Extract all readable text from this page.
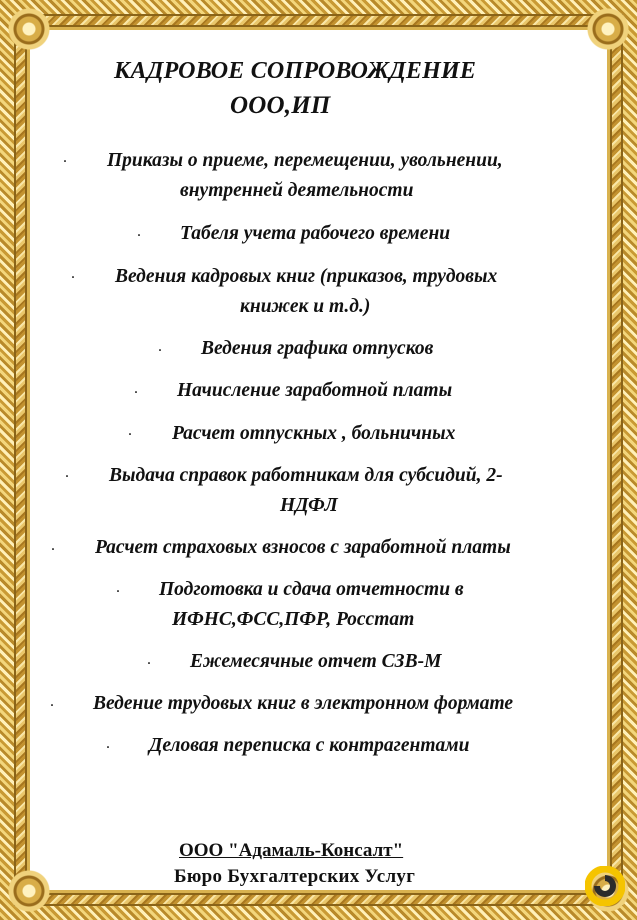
КАДРОВОЕ СОПРОВОЖДЕНИЕ
ООО,ИП
· Приказы о приеме, перемещении, увольнении,
внутренней деятельности
· Табеля учета рабочего времени
· Ведения кадровых книг (приказов, трудовых
книжек и т.д.)
· Ведения графика отпусков
· Начисление заработной платы
· Расчет отпускных , больничных
· Выдача справок работникам для субсидий, 2-
НДФЛ
· Расчет страховых взносов с заработной платы
· Подготовка и сдача отчетности в
ИФНС,ФСС,ПФР, Росстат
· Ежемесячные отчет СЗВ-М
· Ведение трудовых книг в электронном формате
· Деловая переписка с контрагентами
ООО "Адамаль-Консалт"
Бюро Бухгалтерских Услуг
